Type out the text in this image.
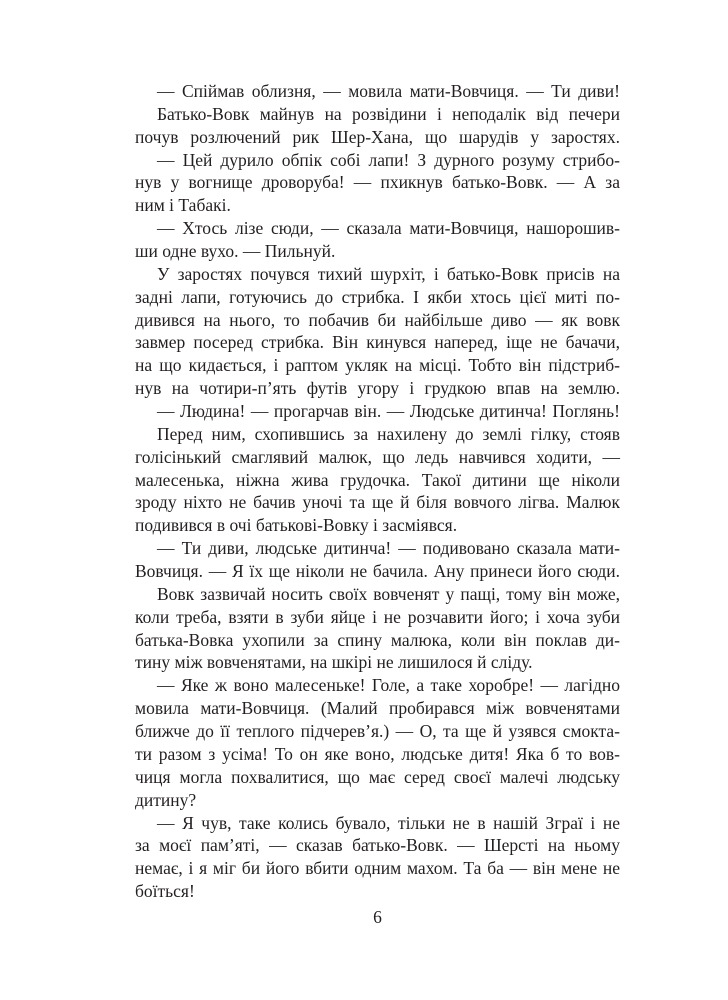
— Спіймав облизня, — мовила мати-Вовчиця. — Ти диви!
Батько-Вовк майнув на розвідини і неподалік від печери
почув розлючений рик Шер-Хана, що шарудів у заростях.
— Цей дурило обпік собі лапи! З дурного розуму стрибо-
нув у вогнище дроворуба! — пхикнув батько-Вовк. — А за
ним і Табакі.
— Хтось лізе сюди, — сказала мати-Вовчиця, нашорошив-
ши одне вухо. — Пильнуй.
У заростях почувся тихий шурхіт, і батько-Вовк присів на
задні лапи, готуючись до стрибка. І якби хтось цієї миті по-
дивився на нього, то побачив би найбільше диво — як вовк
завмер посеред стрибка. Він кинувся наперед, іще не бачачи,
на що кидається, і раптом укляк на місці. Тобто він підстриб-
нув на чотири-п’ять футів угору і грудкою впав на землю.
— Людина! — прогарчав він. — Людське дитинча! Поглянь!
Перед ним, схопившись за нахилену до землі гілку, стояв
голісінький смаглявий малюк, що ледь навчився ходити, —
малесенька, ніжна жива грудочка. Такої дитини ще ніколи
зроду ніхто не бачив уночі та ще й біля вовчого лігва. Малюк
подивився в очі батькові-Вовку і засміявся.
— Ти диви, людське дитинча! — подивовано сказала мати-
Вовчиця. — Я їх ще ніколи не бачила. Ану принеси його сюди.
Вовк зазвичай носить своїх вовченят у пащі, тому він може,
коли треба, взяти в зуби яйце і не розчавити його; і хоча зуби
батька-Вовка ухопили за спину малюка, коли він поклав ди-
тину між вовченятами, на шкірі не лишилося й сліду.
— Яке ж воно малесеньке! Голе, а таке хоробре! — лагідно
мовила мати-Вовчиця. (Малий пробирався між вовченятами
ближче до її теплого підчерев’я.) — О, та ще й узявся смокта-
ти разом з усіма! То он яке воно, людське дитя! Яка б то вов-
чиця могла похвалитися, що має серед своєї малечі людську
дитину?
— Я чув, таке колись бувало, тільки не в нашій Зграї і не
за моєї пам’яті, — сказав батько-Вовк. — Шерсті на ньому
немає, і я міг би його вбити одним махом. Та ба — він мене не
боїться!
6
